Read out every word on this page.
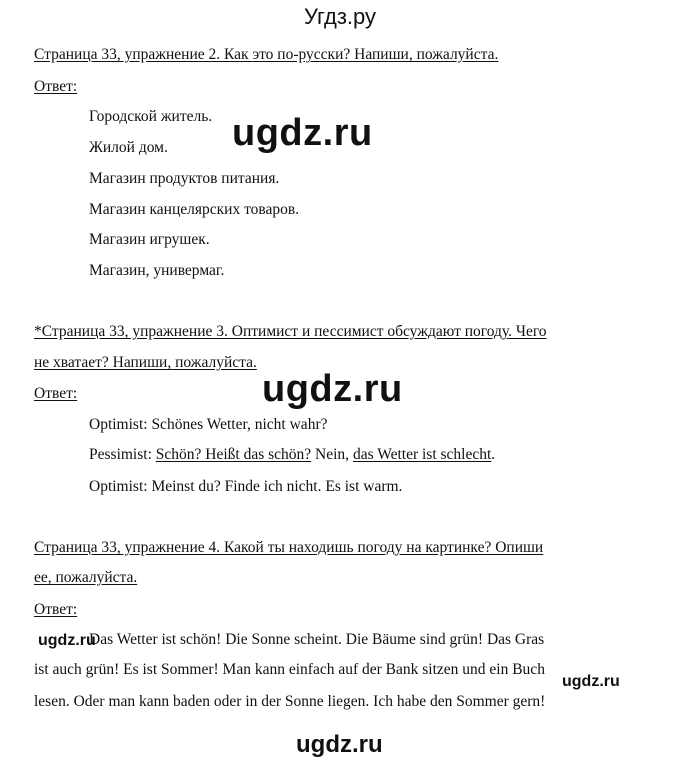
Угдз.ру
Страница 33, упражнение 2. Как это по-русски? Напиши, пожалуйста.
Ответ:
Городской житель.
Жилой дом.
Магазин продуктов питания.
Магазин канцелярских товаров.
Магазин игрушек.
Магазин, универмаг.
ugdz.ru
*Страница 33, упражнение 3. Оптимист и пессимист обсуждают погоду. Чего
не хватает? Напиши, пожалуйста.
Ответ:
Optimist: Schönes Wetter, nicht wahr?
Pessimist: Schön? Heißt das schön? Nein, das Wetter ist schlecht.
Optimist: Meinst du? Finde ich nicht. Es ist warm.
ugdz.ru
Страница 33, упражнение 4. Какой ты находишь погоду на картинке? Опиши
ее, пожалуйста.
Ответ:
Das Wetter ist schön! Die Sonne scheint. Die Bäume sind grün! Das Gras
ist auch grün! Es ist Sommer! Man kann einfach auf der Bank sitzen und ein Buch
lesen. Oder man kann baden oder in der Sonne liegen. Ich habe den Sommer gern!
ugdz.ru
ugdz.ru
ugdz.ru
